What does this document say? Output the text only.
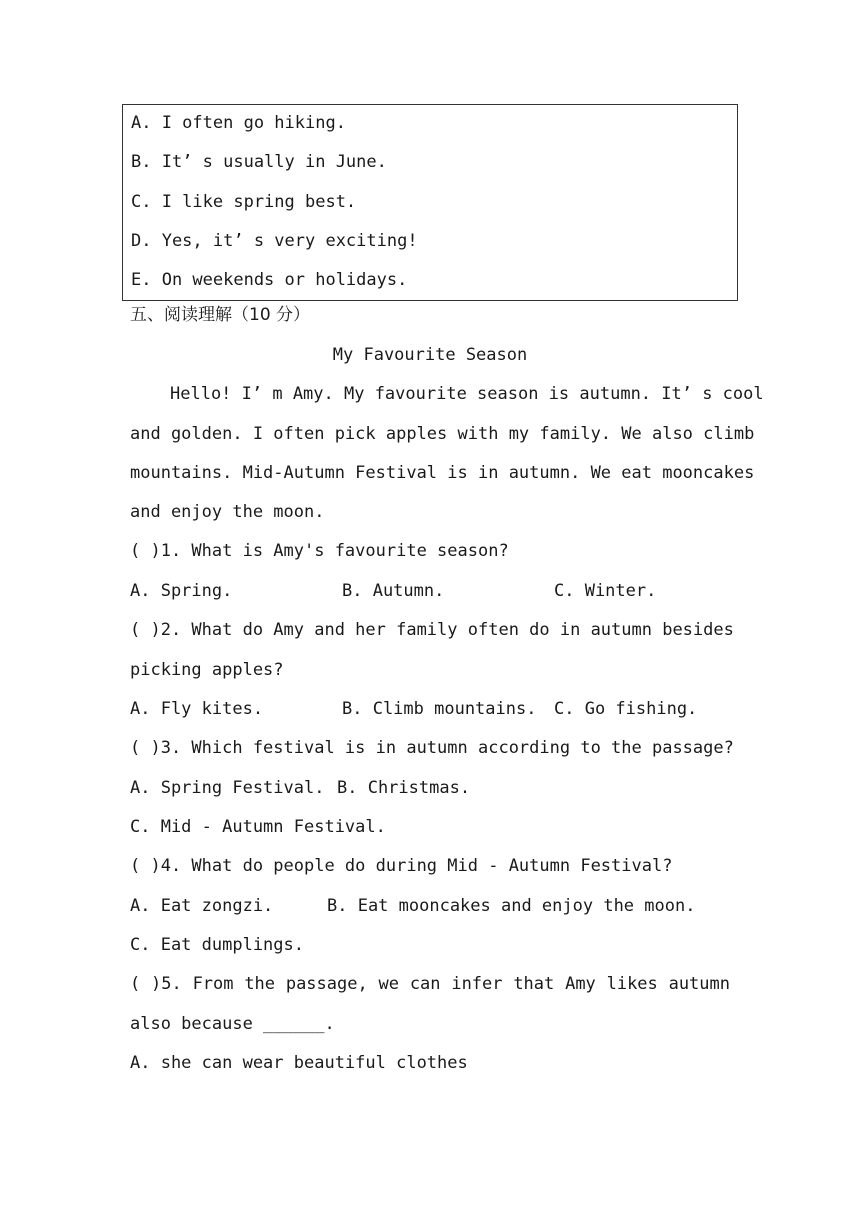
A. I often go hiking.
B. It’ s usually in June.
C. I like spring best.
D. Yes, it’ s very exciting!
E. On weekends or holidays.
五、阅读理解（10 分）
My Favourite Season
Hello! I’ m Amy. My favourite season is autumn. It’ s cool
and golden. I often pick apples with my family. We also climb
mountains. Mid-Autumn Festival is in autumn. We eat mooncakes
and enjoy the moon.
( )1. What is Amy's favourite season?
A. Spring.	B. Autumn.	C. Winter.
( )2. What do Amy and her family often do in autumn besides
picking apples?
A. Fly kites.	B. Climb mountains. C. Go fishing.
( )3. Which festival is in autumn according to the passage?
A. Spring Festival. B. Christmas.
C. Mid - Autumn Festival.
( )4. What do people do during Mid - Autumn Festival?
A. Eat zongzi.	B. Eat mooncakes and enjoy the moon.
C. Eat dumplings.
( )5. From the passage, we can infer that Amy likes autumn
also because ______.
A. she can wear beautiful clothes
